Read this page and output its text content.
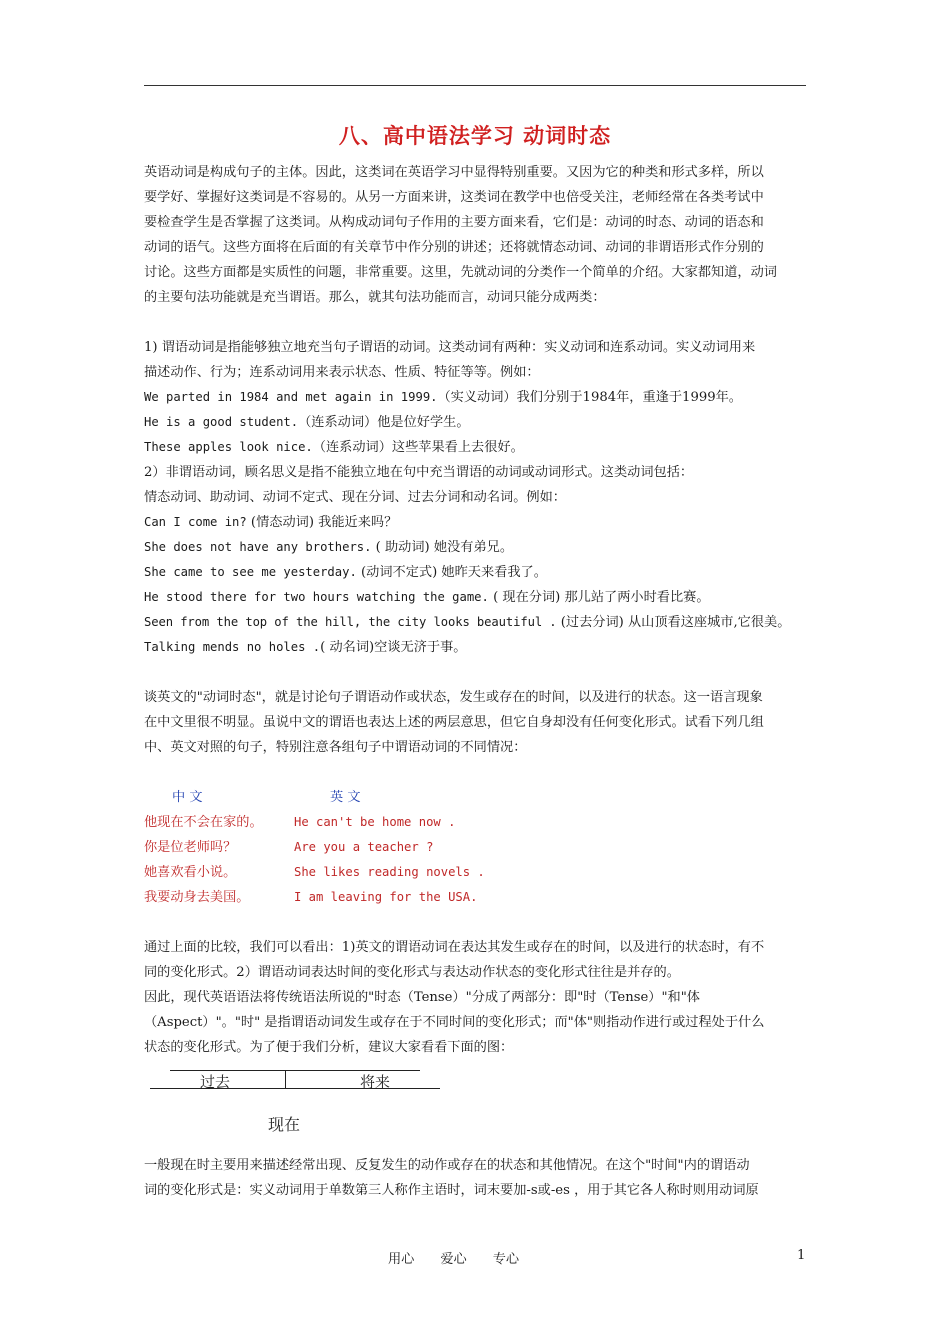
八、高中语法学习 动词时态
英语动词是构成句子的主体。因此，这类词在英语学习中显得特别重要。又因为它的种类和形式多样，所以
要学好、掌握好这类词是不容易的。从另一方面来讲，这类词在教学中也倍受关注，老师经常在各类考试中
要检查学生是否掌握了这类词。从构成动词句子作用的主要方面来看，它们是：动词的时态、动词的语态和
动词的语气。这些方面将在后面的有关章节中作分别的讲述；还将就情态动词、动词的非谓语形式作分别的
讨论。这些方面都是实质性的问题，非常重要。这里，先就动词的分类作一个简单的介绍。大家都知道，动词
的主要句法功能就是充当谓语。那么，就其句法功能而言，动词只能分成两类：
1) 谓语动词是指能够独立地充当句子谓语的动词。这类动词有两种：实义动词和连系动词。实义动词用来
描述动作、行为；连系动词用来表示状态、性质、特征等等。例如：
We parted in 1984 and met again in 1999.（实义动词）我们分别于1984年，重逢于1999年。
He is a good student.（连系动词）他是位好学生。
These apples look nice.（连系动词）这些苹果看上去很好。
2）非谓语动词，顾名思义是指不能独立地在句中充当谓语的动词或动词形式。这类动词包括：
情态动词、助动词、动词不定式、现在分词、过去分词和动名词。例如：
Can I come in? (情态动词) 我能近来吗？
She does not have any brothers. ( 助动词) 她没有弟兄。
She came to see me yesterday. (动词不定式) 她昨天来看我了。
He stood there for two hours watching the game. ( 现在分词) 那儿站了两小时看比赛。
Seen from the top of the hill, the city looks beautiful . (过去分词) 从山顶看这座城市,它很美。
Talking mends no holes .( 动名词)空谈无济于事。
谈英文的"动词时态"，就是讨论句子谓语动作或状态，发生或存在的时间，以及进行的状态。这一语言现象
在中文里很不明显。虽说中文的谓语也表达上述的两层意思，但它自身却没有任何变化形式。试看下列几组
中、英文对照的句子，特别注意各组句子中谓语动词的不同情况：
中 文	英 文
他现在不会在家的。	He can't be home now .
你是位老师吗？	Are you a teacher ?
她喜欢看小说。	She likes reading novels .
我要动身去美国。	I am leaving for the USA.
通过上面的比较，我们可以看出：1)英文的谓语动词在表达其发生或存在的时间，以及进行的状态时，有不
同的变化形式。2）谓语动词表达时间的变化形式与表达动作状态的变化形式往往是并存的。
因此，现代英语语法将传统语法所说的"时态（Tense）"分成了两部分：即"时（Tense）"和"体
（Aspect）"。"时" 是指谓语动词发生或存在于不同时间的变化形式；而"体"则指动作进行或过程处于什么
状态的变化形式。为了便于我们分析，建议大家看看下面的图：
过去	将来
现在
一般现在时主要用来描述经常出现、反复发生的动作或存在的状态和其他情况。在这个"时间"内的谓语动
词的变化形式是：实义动词用于单数第三人称作主语时，词末要加-s或-es ，用于其它各人称时则用动词原
用心 爱心 专心	1
